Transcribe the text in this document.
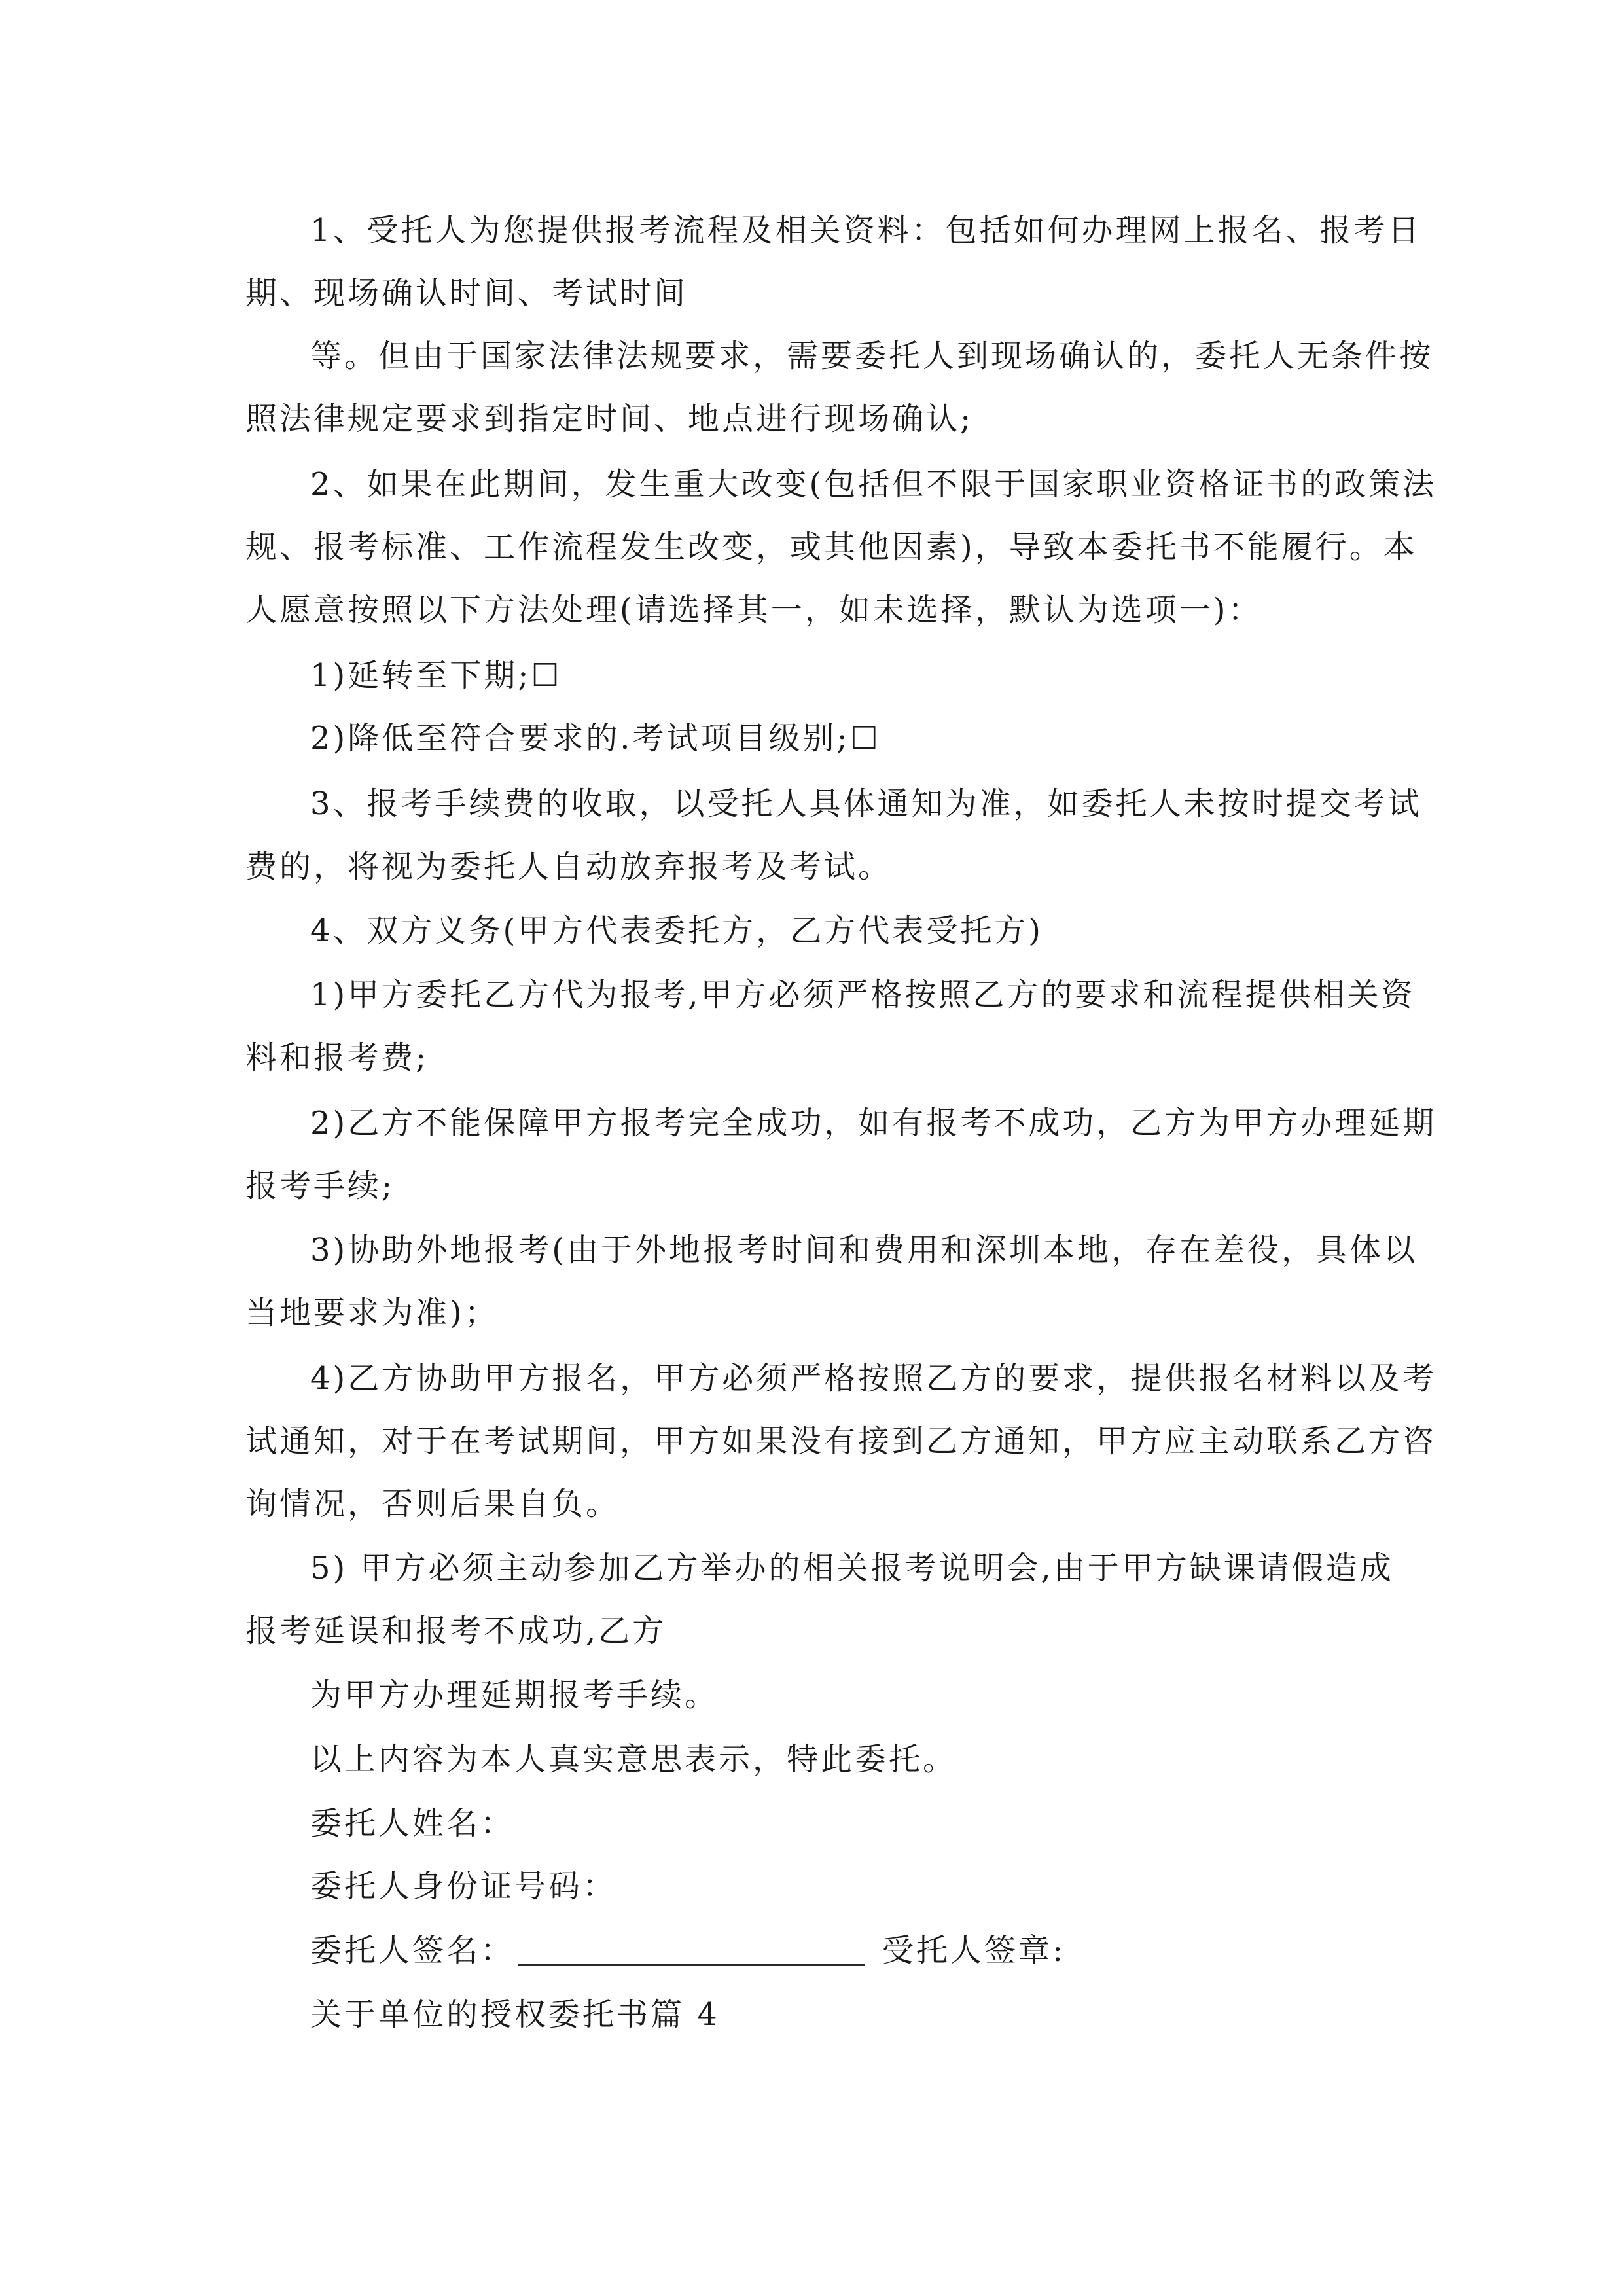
1、受托人为您提供报考流程及相关资料：包括如何办理网上报名、报考日
期、现场确认时间、考试时间
等。但由于国家法律法规要求，需要委托人到现场确认的，委托人无条件按
照法律规定要求到指定时间、地点进行现场确认;
2、如果在此期间，发生重大改变(包括但不限于国家职业资格证书的政策法
规、报考标准、工作流程发生改变，或其他因素)，导致本委托书不能履行。本
人愿意按照以下方法处理(请选择其一，如未选择，默认为选项一)：
1)延转至下期;☐
2)降低至符合要求的.考试项目级别;☐
3、报考手续费的收取，以受托人具体通知为准，如委托人未按时提交考试
费的，将视为委托人自动放弃报考及考试。
4、双方义务(甲方代表委托方，乙方代表受托方)
1)甲方委托乙方代为报考,甲方必须严格按照乙方的要求和流程提供相关资
料和报考费;
2)乙方不能保障甲方报考完全成功，如有报考不成功，乙方为甲方办理延期
报考手续;
3)协助外地报考(由于外地报考时间和费用和深圳本地，存在差役，具体以
当地要求为准)；
4)乙方协助甲方报名，甲方必须严格按照乙方的要求，提供报名材料以及考
试通知，对于在考试期间，甲方如果没有接到乙方通知，甲方应主动联系乙方咨
询情况，否则后果自负。
5) 甲方必须主动参加乙方举办的相关报考说明会,由于甲方缺课请假造成
报考延误和报考不成功,乙方
为甲方办理延期报考手续。
以上内容为本人真实意思表示，特此委托。
委托人姓名：
委托人身份证号码：
委托人签名：	受托人签章:
关于单位的授权委托书篇 4
